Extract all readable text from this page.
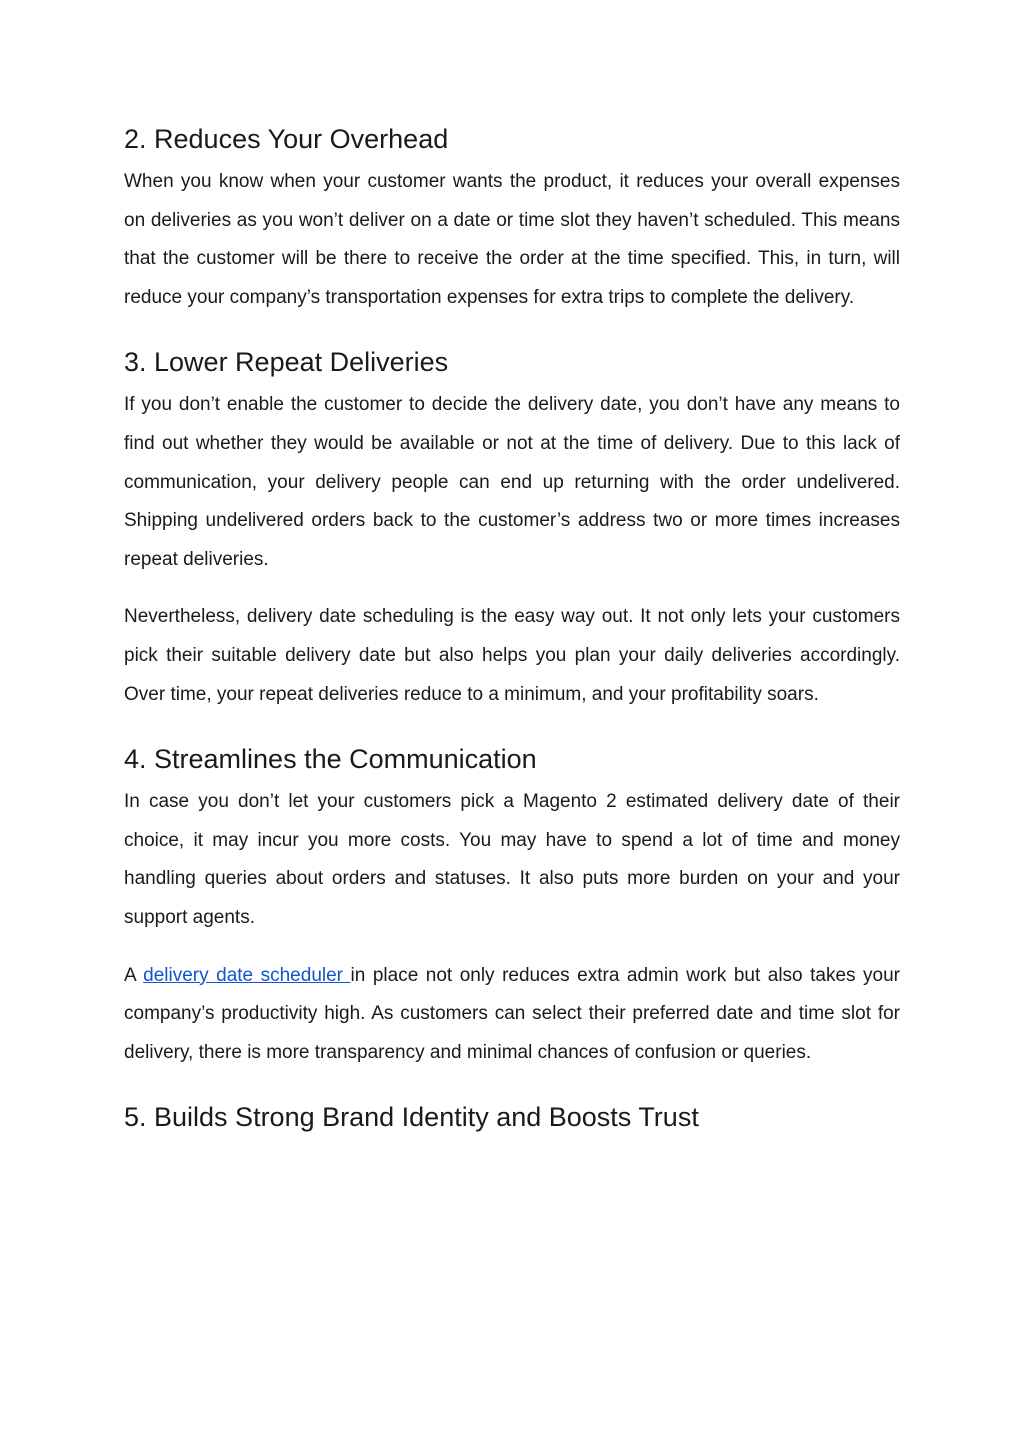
2. Reduces Your Overhead

When you know when your customer wants the product, it reduces your overall expenses on deliveries as you won’t deliver on a date or time slot they haven’t scheduled. This means that the customer will be there to receive the order at the time specified. This, in turn, will reduce your company’s transportation expenses for extra trips to complete the delivery.

3. Lower Repeat Deliveries

If you don’t enable the customer to decide the delivery date, you don’t have any means to find out whether they would be available or not at the time of delivery. Due to this lack of communication, your delivery people can end up returning with the order undelivered. Shipping undelivered orders back to the customer’s address two or more times increases repeat deliveries.

Nevertheless, delivery date scheduling is the easy way out. It not only lets your customers pick their suitable delivery date but also helps you plan your daily deliveries accordingly. Over time, your repeat deliveries reduce to a minimum, and your profitability soars.

4. Streamlines the Communication

In case you don’t let your customers pick a Magento 2 estimated delivery date of their choice, it may incur you more costs. You may have to spend a lot of time and money handling queries about orders and statuses. It also puts more burden on your and your support agents.

A delivery date scheduler in place not only reduces extra admin work but also takes your company’s productivity high. As customers can select their preferred date and time slot for delivery, there is more transparency and minimal chances of confusion or queries.

5. Builds Strong Brand Identity and Boosts Trust
